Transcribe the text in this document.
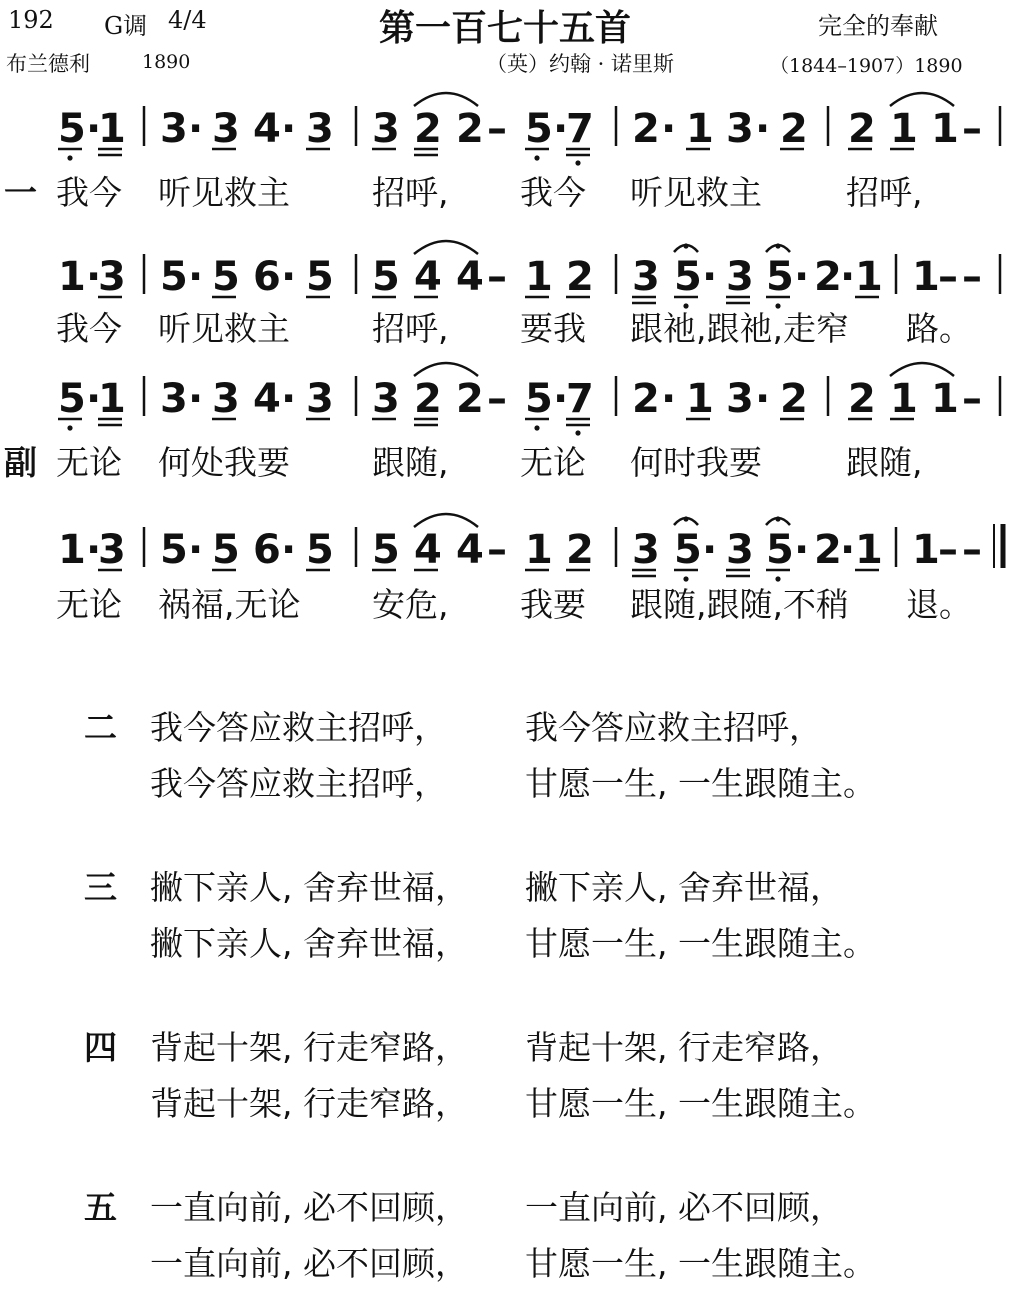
192 G调 4/4	第一百七十五首	完全的奉献
布兰德利	1890	（英）约翰 · 诺里斯	（1844–1907）1890
5 ·
1 3 · 3 4 · 3 3 2 2 – 5 ·
7 2 · 1 3 · 2 2 1 1 –
1 ·
3 5 · 5 6 · 5 5 4 4 – 1 2 3 5 · 3 5 · 2
· 1 1
– –
5 ·
1 3 · 3 4 · 3 3 2 2 – 5 ·
7 2 · 1 3 · 2 2 1 1 –
1 ·
3 5 · 5 6 · 5 5 4 4 – 1 2 3 5 · 3 5 · 2
· 1 1
– –
一 我今 听见救主 招呼, 我今 听见救主	招呼,
我今 听见救主 招呼, 要我 跟祂,跟祂,走窄 路。
副 无论 何处我要 跟随, 无论 何时我要	跟随,
无论 祸福,无论 安危, 我要 跟随,跟随,不稍 退。
二 我今答应救主招呼， 我今答应救主招呼，
我今答应救主招呼， 甘愿一生, 一生跟随主。
三 撇下亲人, 舍弃世福， 撇下亲人, 舍弃世福，
撇下亲人, 舍弃世福， 甘愿一生, 一生跟随主。
四 背起十架, 行走窄路， 背起十架, 行走窄路，
背起十架, 行走窄路， 甘愿一生, 一生跟随主。
五 一直向前, 必不回顾， 一直向前, 必不回顾，
一直向前, 必不回顾， 甘愿一生, 一生跟随主。
